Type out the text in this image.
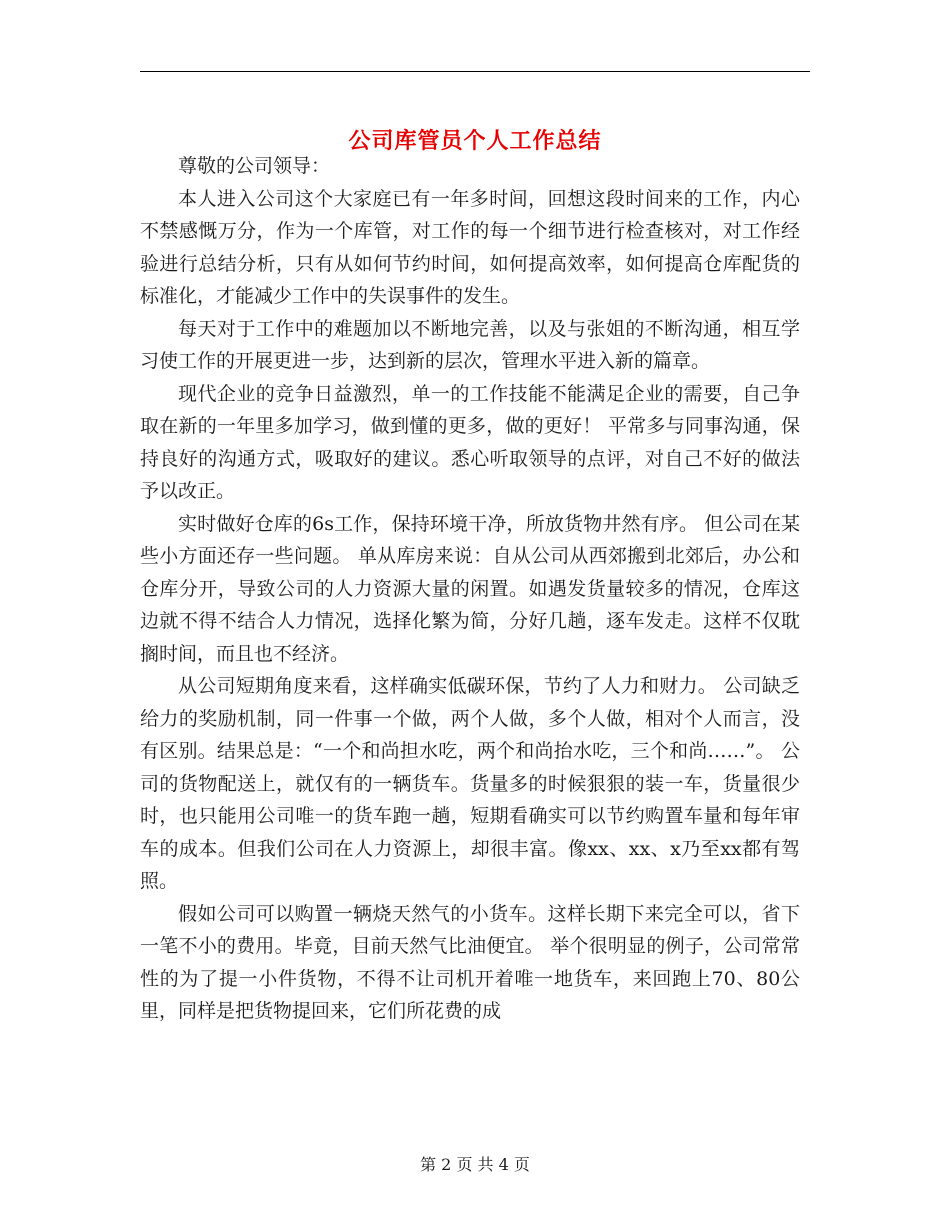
公司库管员个人工作总结

尊敬的公司领导：

本人进入公司这个大家庭已有一年多时间，回想这段时间来的工作，内心不禁感慨万分，作为一个库管，对工作的每一个细节进行检查核对，对工作经验进行总结分析，只有从如何节约时间，如何提高效率，如何提高仓库配货的标准化，才能减少工作中的失误事件的发生。

每天对于工作中的难题加以不断地完善，以及与张姐的不断沟通，相互学习使工作的开展更进一步，达到新的层次，管理水平进入新的篇章。

现代企业的竞争日益激烈，单一的工作技能不能满足企业的需要，自己争取在新的一年里多加学习，做到懂的更多，做的更好！ 平常多与同事沟通，保持良好的沟通方式，吸取好的建议。悉心听取领导的点评，对自己不好的做法予以改正。

实时做好仓库的6s工作，保持环境干净，所放货物井然有序。 但公司在某些小方面还存一些问题。 单从库房来说：自从公司从西郊搬到北郊后，办公和仓库分开，导致公司的人力资源大量的闲置。如遇发货量较多的情况，仓库这边就不得不结合人力情况，选择化繁为简，分好几趟，逐车发走。这样不仅耽搁时间，而且也不经济。

从公司短期角度来看，这样确实低碳环保，节约了人力和财力。 公司缺乏给力的奖励机制，同一件事一个做，两个人做，多个人做，相对个人而言，没有区别。结果总是：“一个和尚担水吃，两个和尚抬水吃，三个和尚……”。 公司的货物配送上，就仅有的一辆货车。货量多的时候狠狠的装一车，货量很少时，也只能用公司唯一的货车跑一趟，短期看确实可以节约购置车量和每年审车的成本。但我们公司在人力资源上，却很丰富。像xx、xx、x乃至xx都有驾照。

假如公司可以购置一辆烧天然气的小货车。这样长期下来完全可以，省下一笔不小的费用。毕竟，目前天然气比油便宜。 举个很明显的例子，公司常常性的为了提一小件货物，不得不让司机开着唯一地货车，来回跑上70、80公里，同样是把货物提回来，它们所花费的成

第 2 页 共 4 页
